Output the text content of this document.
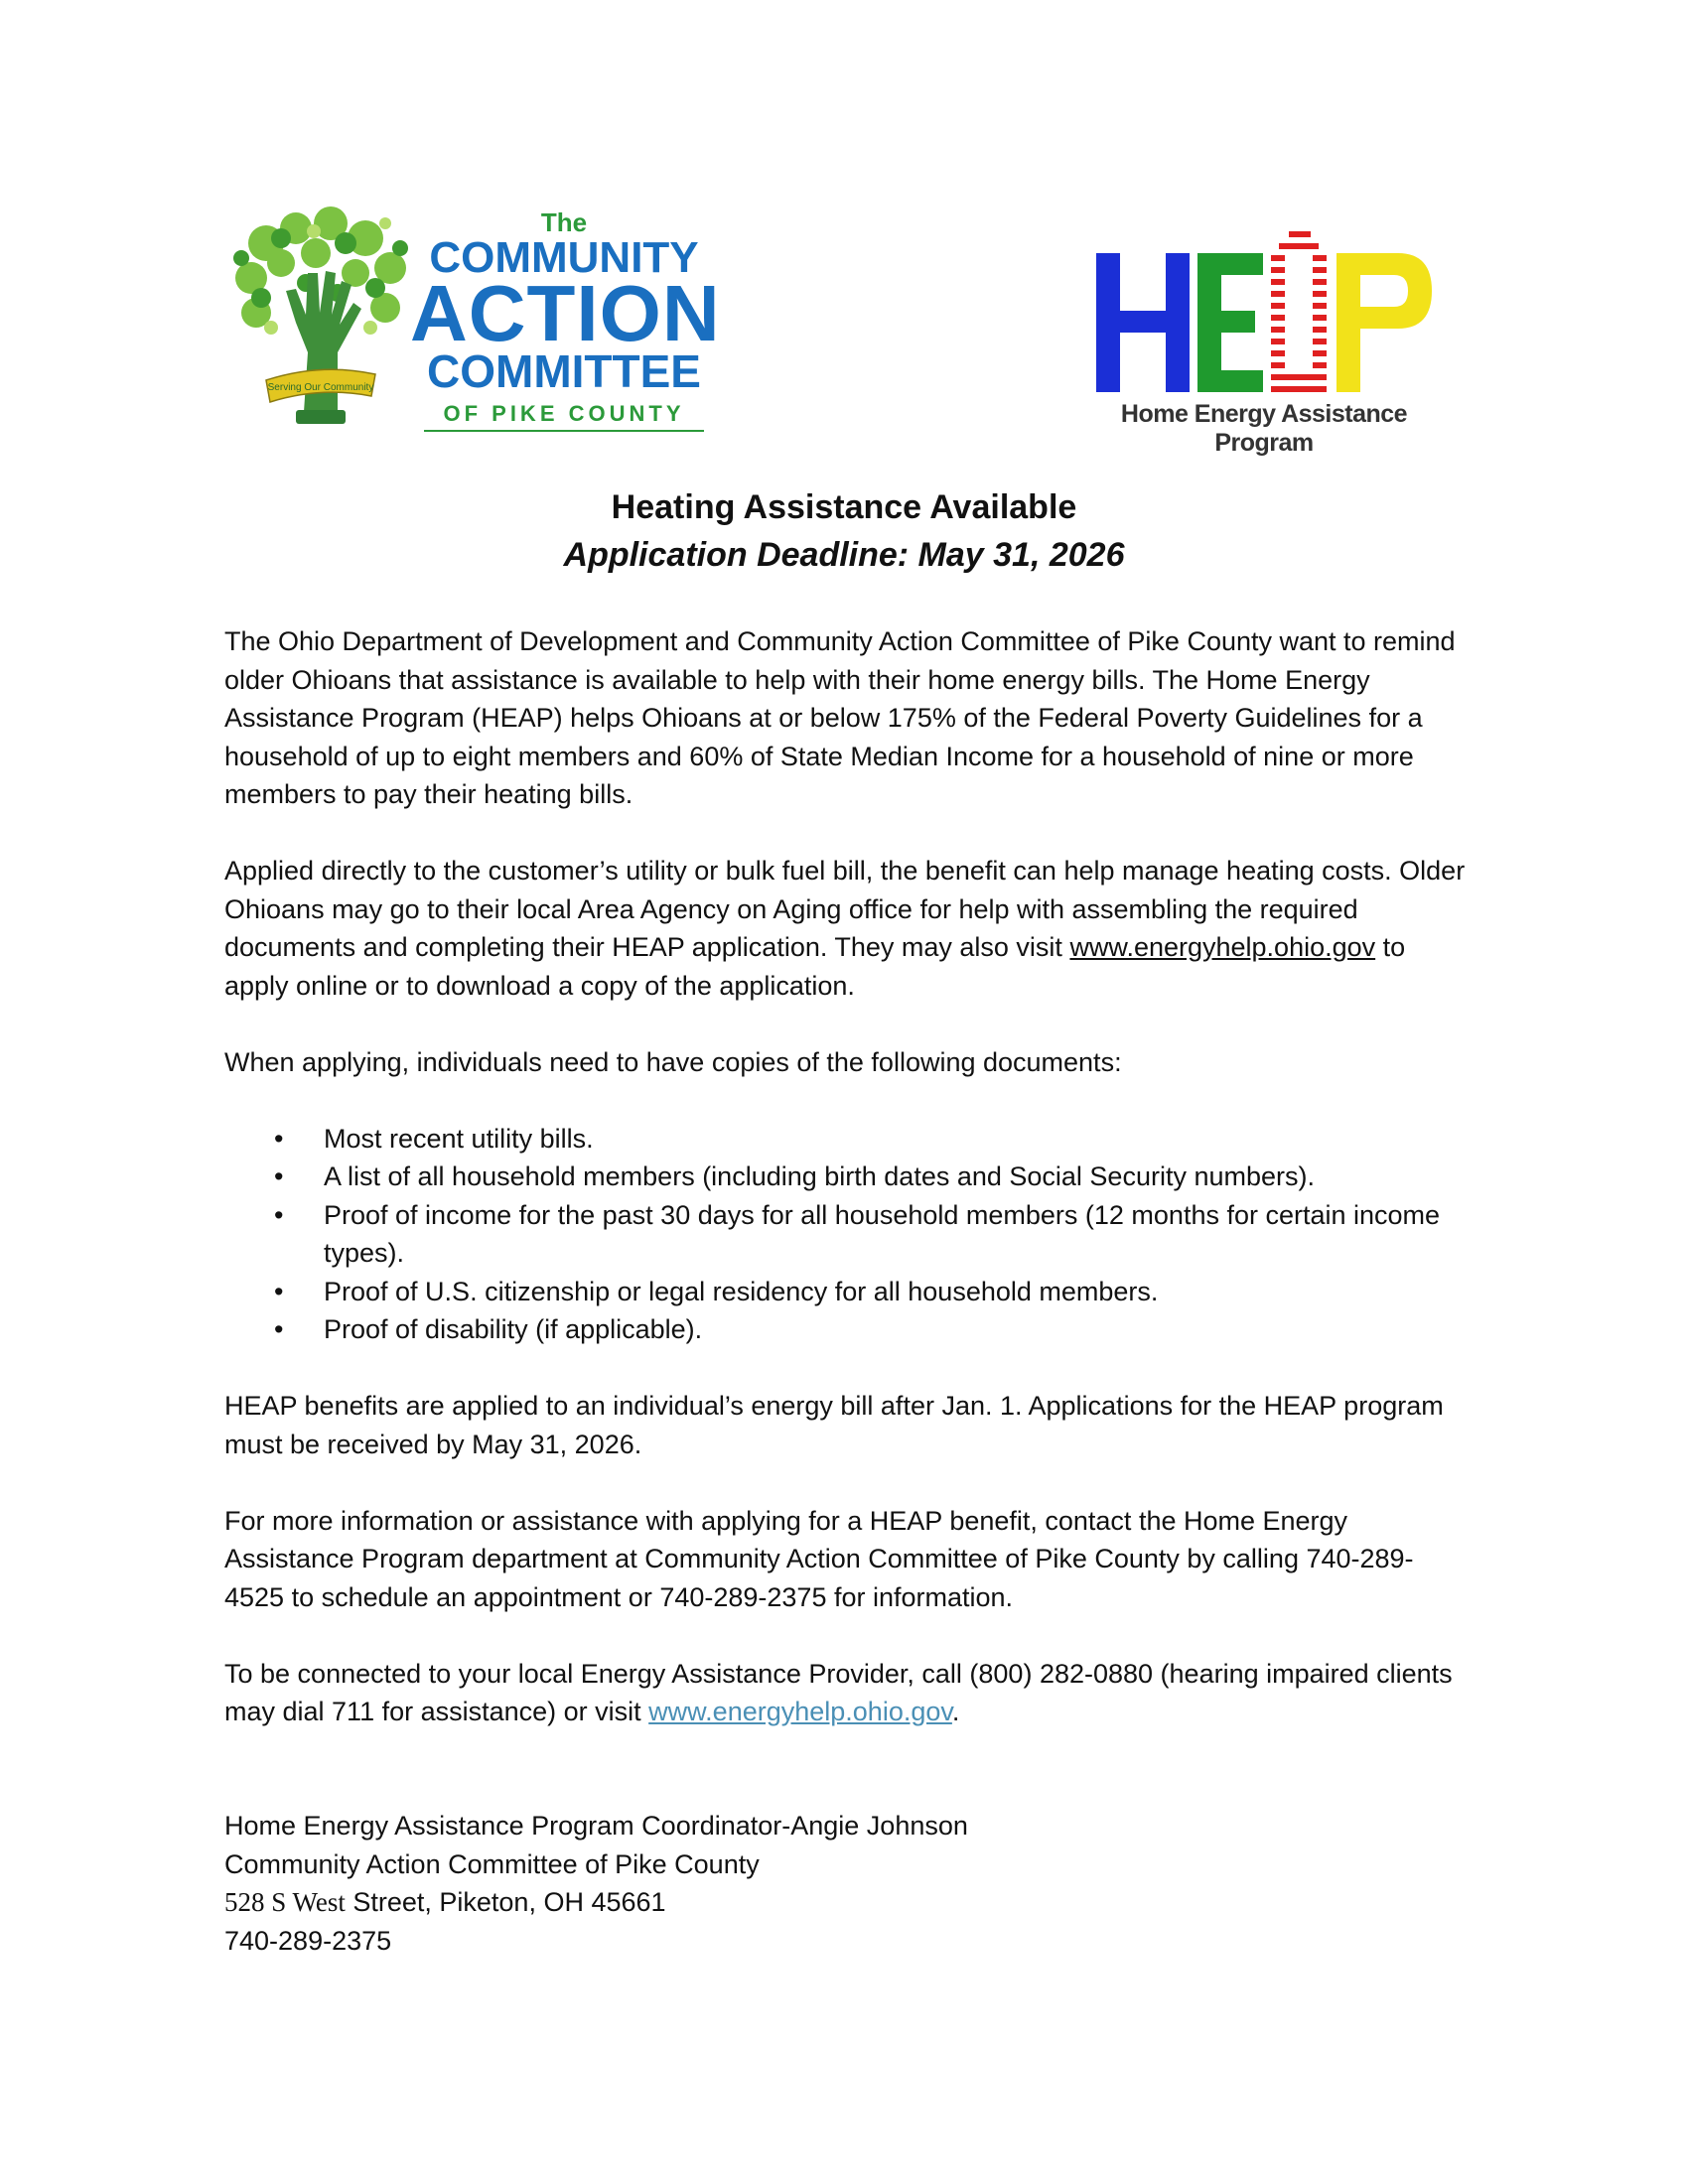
Serving Our Community
The
COMMUNITY
ACTION
COMMITTEE
OF PIKE COUNTY	Home Energy Assistance Program
Heating Assistance Available
Application Deadline: May 31, 2026

The Ohio Department of Development and Community Action Committee of Pike County want to remind older Ohioans that assistance is available to help with their home energy bills. The Home Energy Assistance Program (HEAP) helps Ohioans at or below 175% of the Federal Poverty Guidelines for a household of up to eight members and 60% of State Median Income for a household of nine or more members to pay their heating bills.

Applied directly to the customer’s utility or bulk fuel bill, the benefit can help manage heating costs. Older Ohioans may go to their local Area Agency on Aging office for help with assembling the required documents and completing their HEAP application. They may also visit www.energyhelp.ohio.gov to apply online or to download a copy of the application.

When applying, individuals need to have copies of the following documents:

• Most recent utility bills.
• A list of all household members (including birth dates and Social Security numbers).
• Proof of income for the past 30 days for all household members (12 months for certain income types).
• Proof of U.S. citizenship or legal residency for all household members.
• Proof of disability (if applicable).

HEAP benefits are applied to an individual’s energy bill after Jan. 1. Applications for the HEAP program must be received by May 31, 2026.

For more information or assistance with applying for a HEAP benefit, contact the Home Energy Assistance Program department at Community Action Committee of Pike County by calling 740-289-4525 to schedule an appointment or 740-289-2375 for information.

To be connected to your local Energy Assistance Provider, call (800) 282-0880 (hearing impaired clients may dial 711 for assistance) or visit www.energyhelp.ohio.gov.

Home Energy Assistance Program Coordinator-Angie Johnson
Community Action Committee of Pike County
528 S West Street, Piketon, OH 45661
740-289-2375
